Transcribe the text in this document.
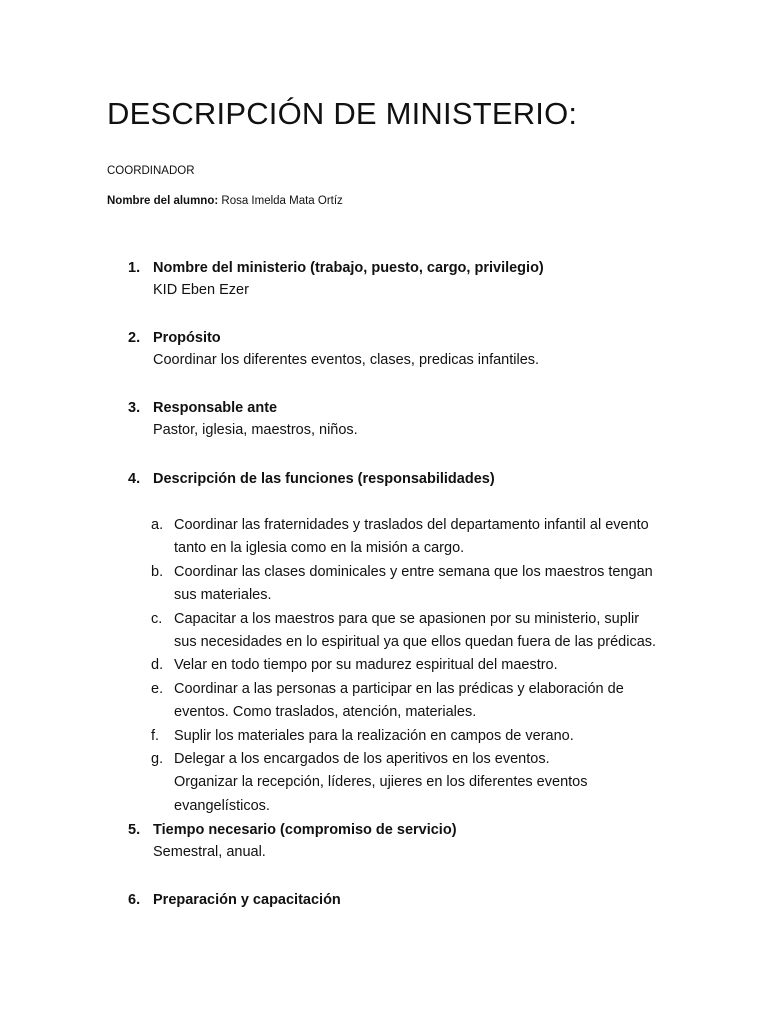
DESCRIPCIÓN DE MINISTERIO:
COORDINADOR
Nombre del alumno: Rosa Imelda Mata Ortíz
1. Nombre del ministerio (trabajo, puesto, cargo, privilegio)
KID Eben Ezer
2. Propósito
Coordinar los diferentes eventos, clases, predicas infantiles.
3. Responsable ante
Pastor, iglesia, maestros, niños.
4. Descripción de las funciones (responsabilidades)
a. Coordinar las fraternidades y traslados del departamento infantil al evento
tanto en la iglesia como en la misión a cargo.
b. Coordinar las clases dominicales y entre semana que los maestros tengan
sus materiales.
c. Capacitar a los maestros para que se apasionen por su ministerio, suplir
sus necesidades en lo espiritual ya que ellos quedan fuera de las prédicas.
d. Velar en todo tiempo por su madurez espiritual del maestro.
e. Coordinar a las personas a participar en las prédicas y elaboración de
eventos. Como traslados, atención, materiales.
f.	Suplir los materiales para la realización en campos de verano.
g. Delegar a los encargados de los aperitivos en los eventos.
Organizar la recepción, líderes, ujieres en los diferentes eventos
evangelísticos.
5. Tiempo necesario (compromiso de servicio)
Semestral, anual.
6. Preparación y capacitación
